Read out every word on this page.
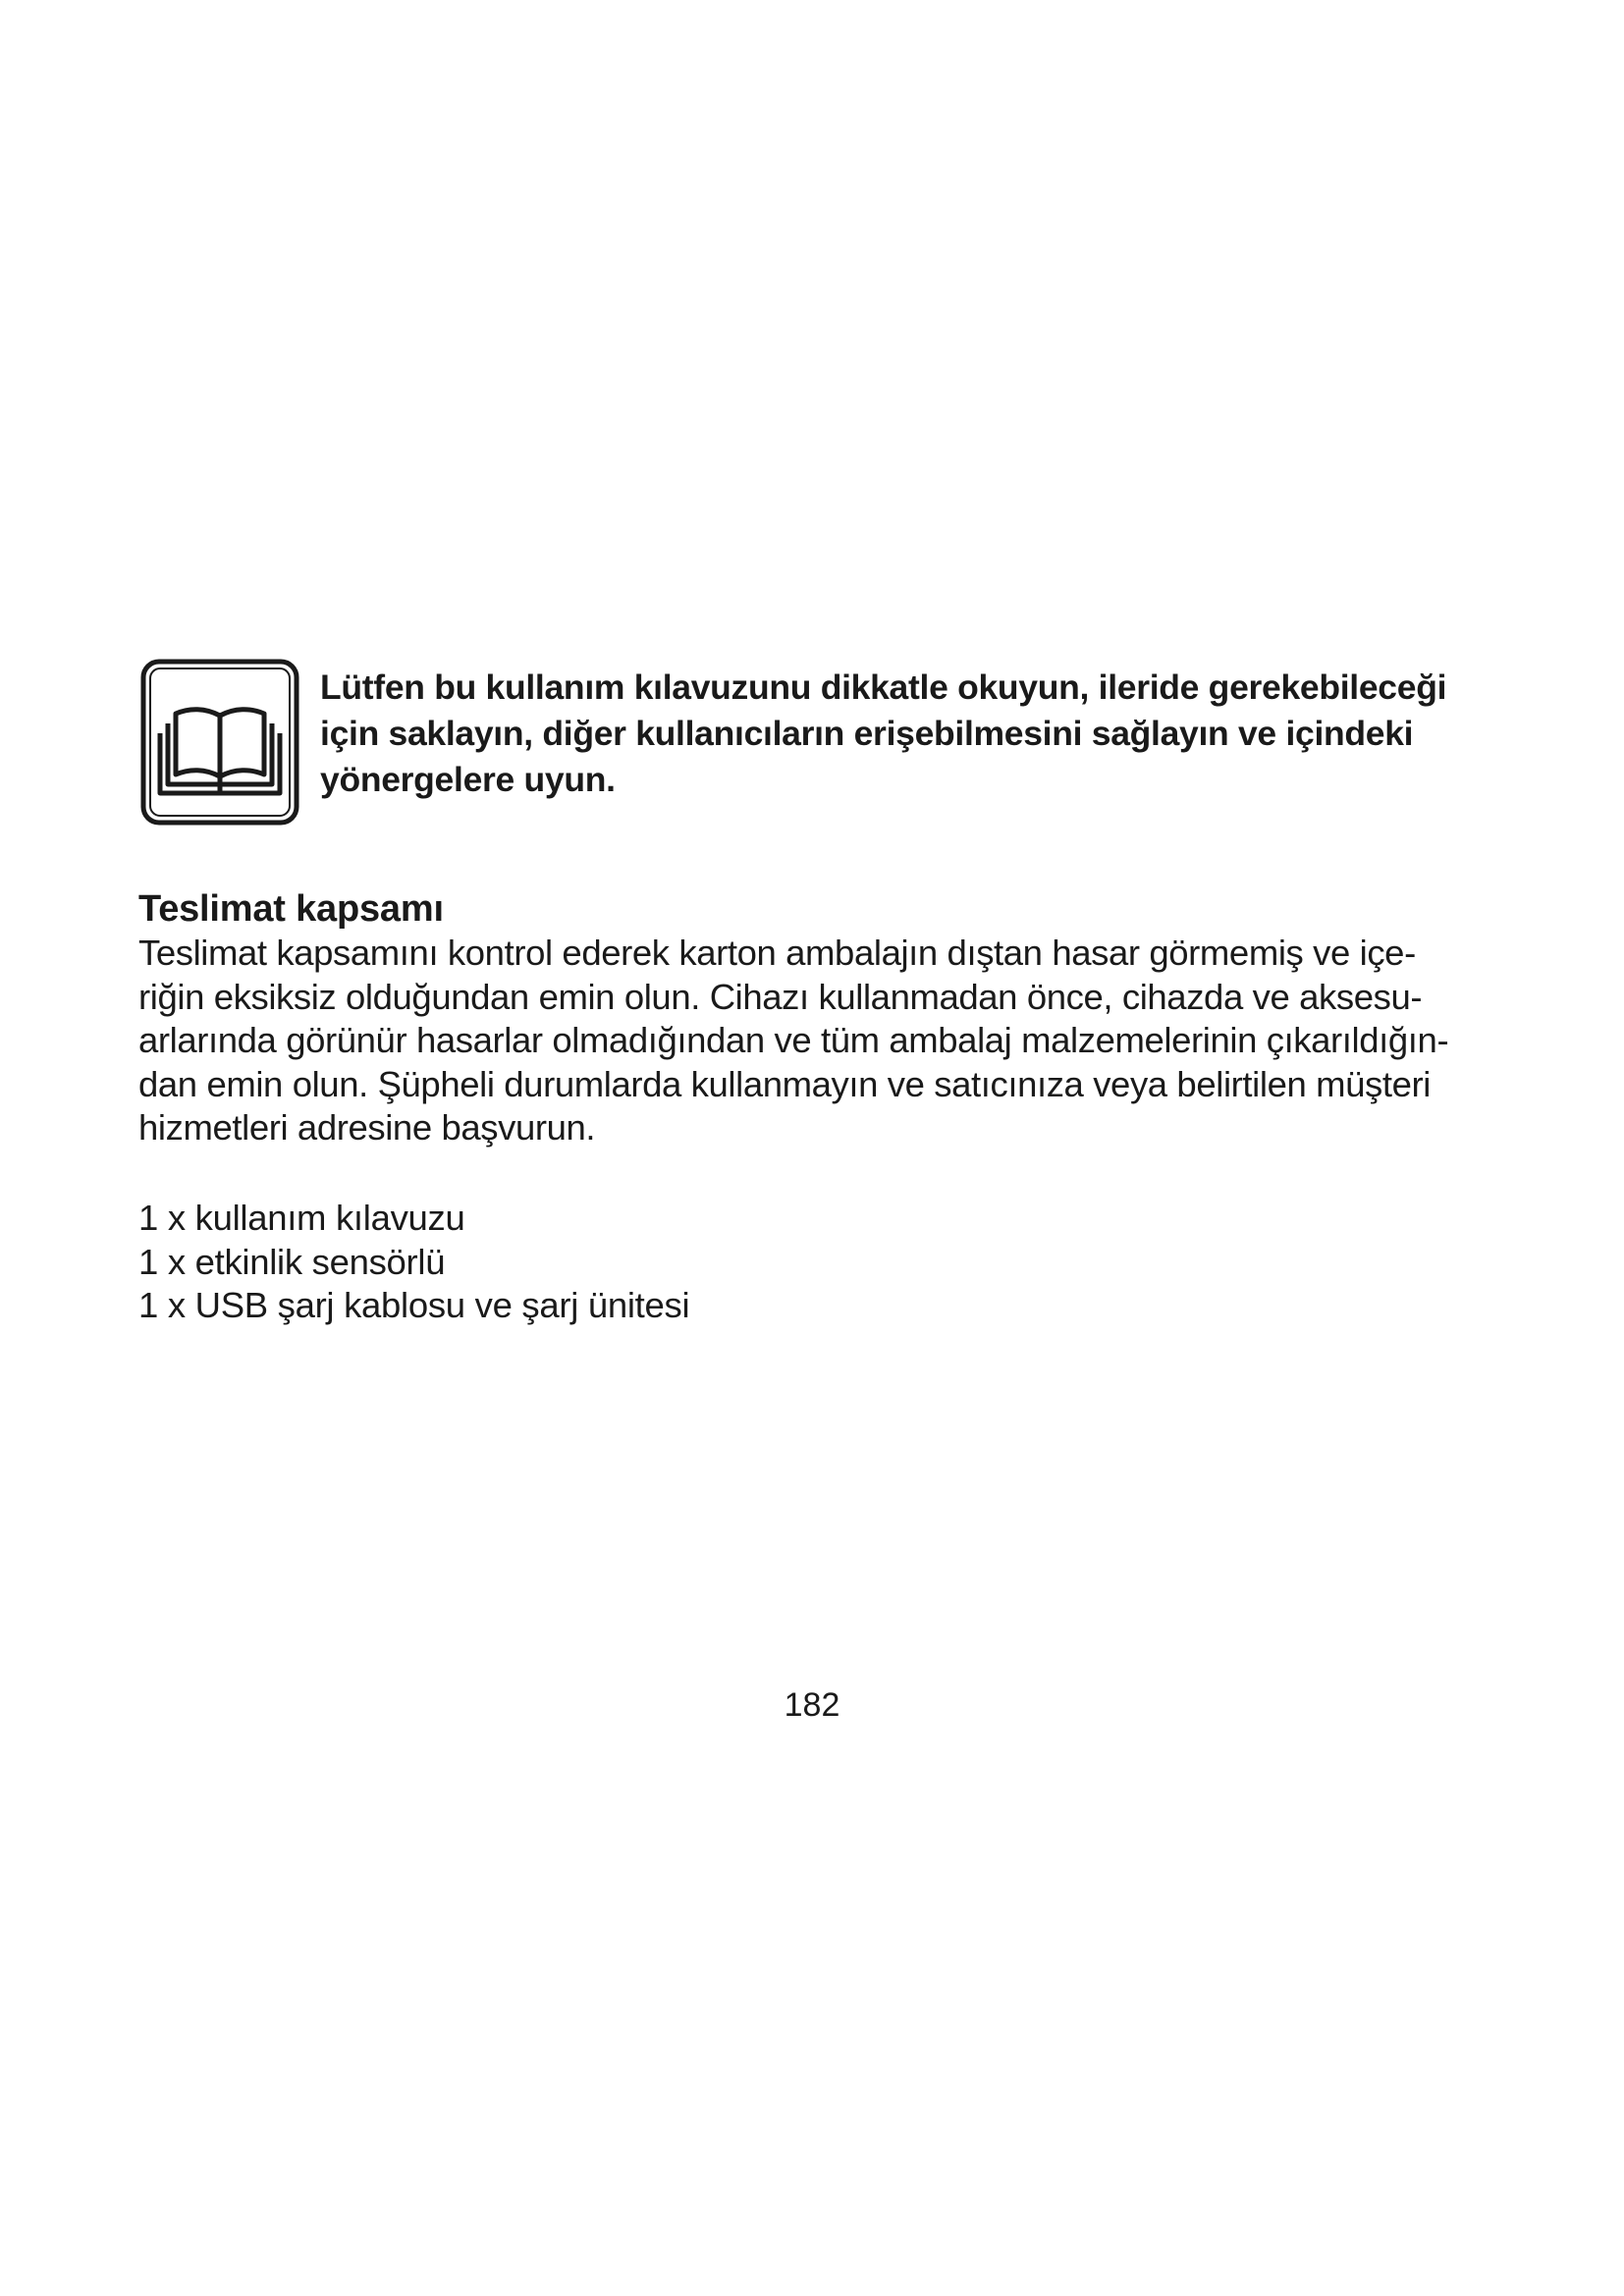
Lütfen bu kullanım kılavuzunu dikkatle okuyun, ileride gerekebileceği
için saklayın, diğer kullanıcıların erişebilmesini sağlayın ve içindeki
yönergelere uyun.
Teslimat kapsamı
Teslimat kapsamını kontrol ederek karton ambalajın dıştan hasar görmemiş ve içe-
riğin eksiksiz olduğundan emin olun. Cihazı kullanmadan önce, cihazda ve aksesu-
arlarında görünür hasarlar olmadığından ve tüm ambalaj malzemelerinin çıkarıldığın-
dan emin olun. Şüpheli durumlarda kullanmayın ve satıcınıza veya belirtilen müşteri
hizmetleri adresine başvurun.
1 x kullanım kılavuzu
1 x etkinlik sensörlü
1 x USB şarj kablosu ve şarj ünitesi
182
